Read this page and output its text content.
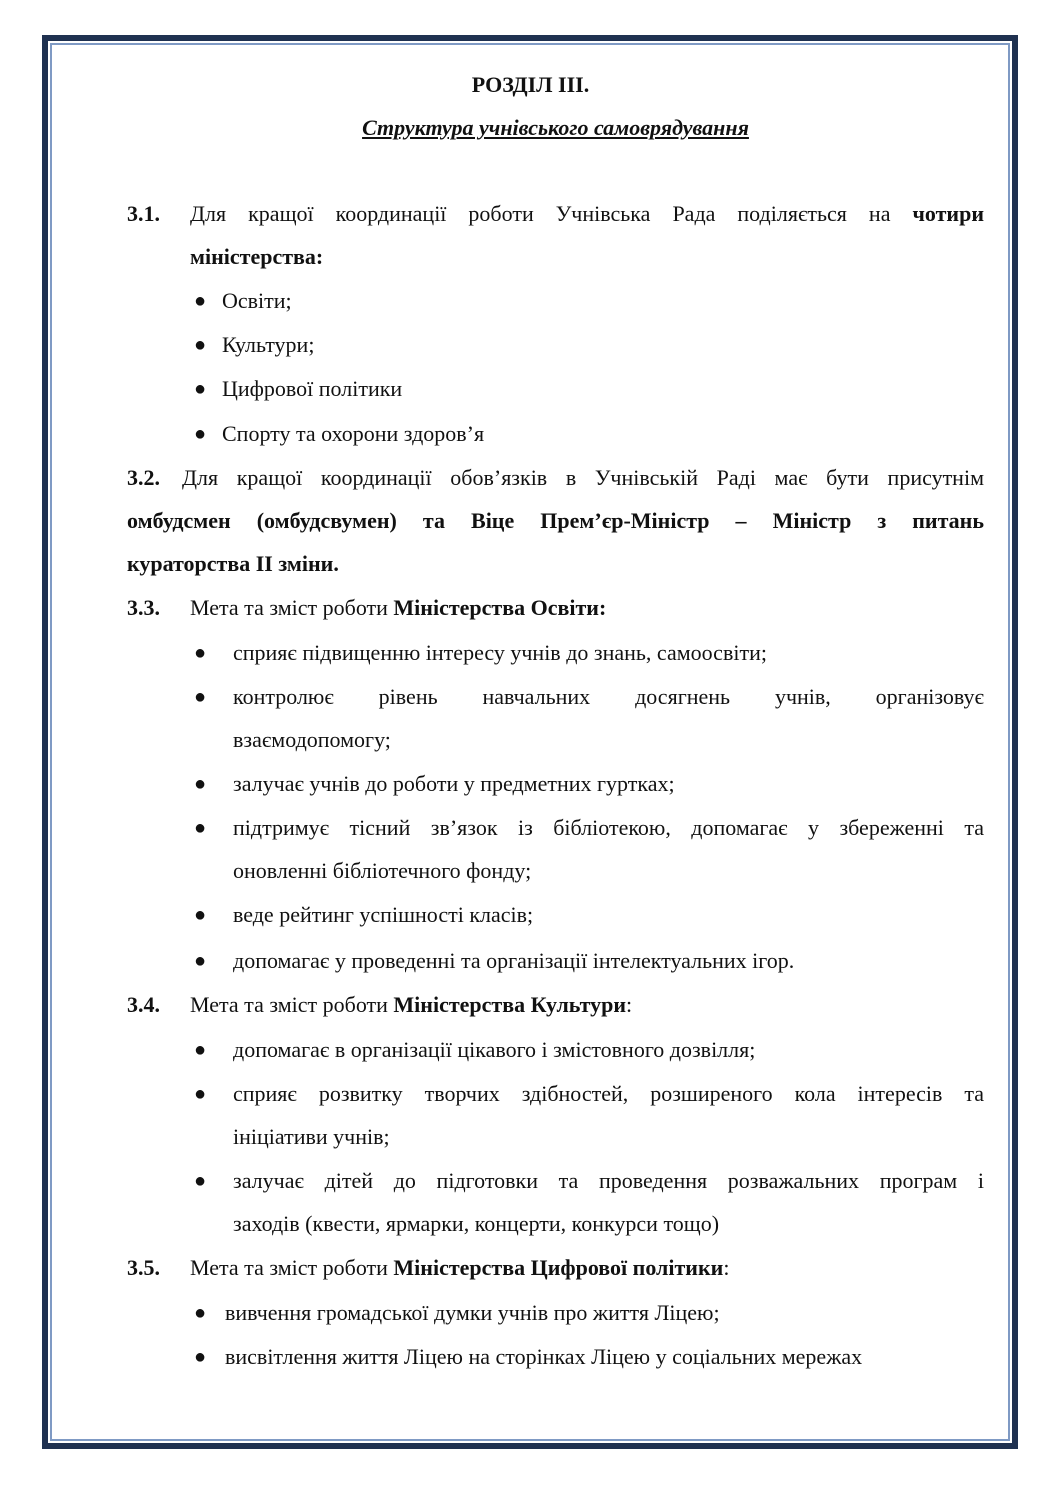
РОЗДІЛ ІІІ.
Структура учнівського самоврядування
3.1. Для кращої координації роботи Учнівська Рада поділяється на чотири
міністерства:
● Освіти;
● Культури;
● Цифрової політики
● Спорту та охорони здоров’я
3.2. Для кращої координації обов’язків в Учнівській Раді має бути присутнім
омбудсмен (омбудсвумен) та Віце Прем’єр-Міністр – Міністр з питань
кураторства ІІ зміни.
3.3. Мета та зміст роботи Міністерства Освіти:
● сприяє підвищенню інтересу учнів до знань, самоосвіти;
● контролює рівень навчальних досягнень учнів, організовує
взаємодопомогу;
● залучає учнів до роботи у предметних гуртках;
● підтримує тісний зв’язок із бібліотекою, допомагає у збереженні та
оновленні бібліотечного фонду;
● веде рейтинг успішності класів;
● допомагає у проведенні та організації інтелектуальних ігор.
3.4. Мета та зміст роботи Міністерства Культури:
● допомагає в організації цікавого і змістовного дозвілля;
● сприяє розвитку творчих здібностей, розширеного кола інтересів та
ініціативи учнів;
● залучає дітей до підготовки та проведення розважальних програм і
заходів (квести, ярмарки, концерти, конкурси тощо)
3.5. Мета та зміст роботи Міністерства Цифрової політики:
● вивчення громадської думки учнів про життя Ліцею;
● висвітлення життя Ліцею на сторінках Ліцею у соціальних мережах
